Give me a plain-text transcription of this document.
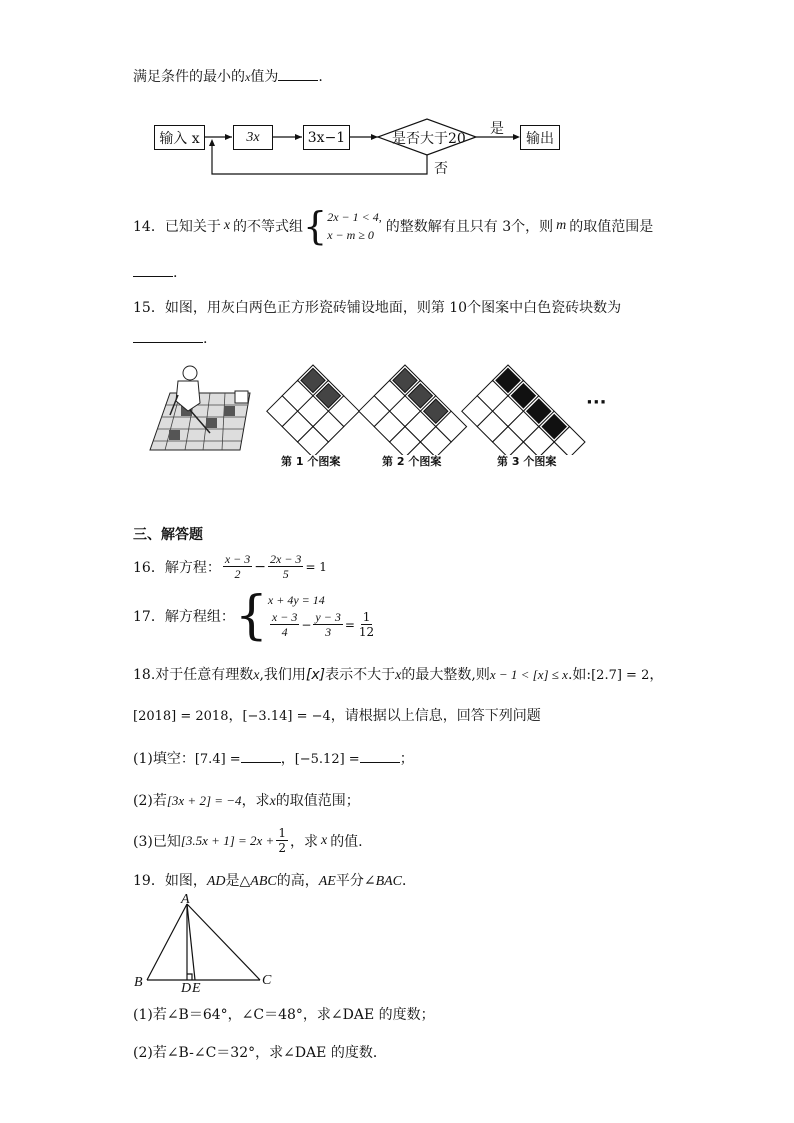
满足条件的最小的x值为	.
输入 x	3x	3x−1	是否大于20
是
否
输出
14． 已知关于 x 的不等式组 { 2x − 1 < 4,
x − m ≥ 0 的整数解有且只有 3个，则 m 的取值范围是
.
15．如图，用灰白两色正方形瓷砖铺设地面，则第 10个图案中白色瓷砖块数为
.
第 1 个图案	第 2 个图案	第 3 个图案
···
三、解答题
16． 解方程： $\frac{x - 3}{2} - \frac{2x - 3}{5} = 1$
17． 解方程组： { x + 4y = 14
$\frac{x - 3}{4} - \frac{y - 3}{3} = \frac{1}{12}$
18.对于任意有理数x,我们用[x]表示不大于x的最大整数,则x − 1 < [x] ≤ x.如:[2.7] = 2，
[2018] = 2018，[−3.14] = −4，请根据以上信息，回答下列问题
(1)填空：[7.4] =	，[−5.12] =	；
(2)若[3x + 2] = −4，求x的取值范围；
(3)已知 $[3.5x + 1] = 2x + \frac{1}{2}$ ，求 x 的值.
19．如图，AD是△ABC的高，AE平分∠BAC．
A
B	C
D E
(1)若∠B＝64°，∠C＝48°，求∠DAE 的度数；
(2)若∠B-∠C＝32°，求∠DAE 的度数．
